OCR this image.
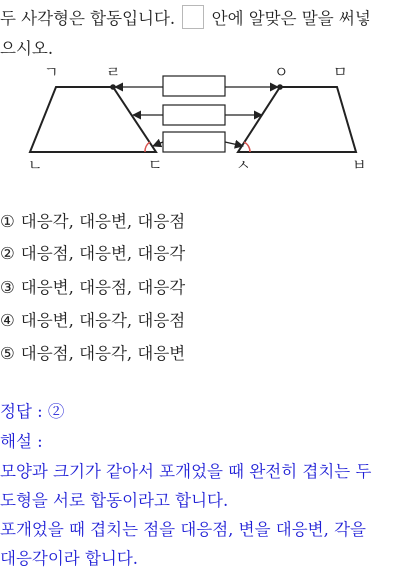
두 사각형은 합동입니다. 안에 알맞은 말을 써넣
으시오.
ㄱ	ㄹ	ㅇ	ㅁ
ㄴ	ㄷ	ㅅ	ㅂ
① 대응각, 대응변, 대응점
② 대응점, 대응변, 대응각
③ 대응변, 대응점, 대응각
④ 대응변, 대응각, 대응점
⑤ 대응점, 대응각, 대응변
정답 : ②
해설 :
모양과 크기가 같아서 포개었을 때 완전히 겹치는 두
도형을 서로 합동이라고 합니다.
포개었을 때 겹치는 점을 대응점, 변을 대응변, 각을
대응각이라 합니다.
